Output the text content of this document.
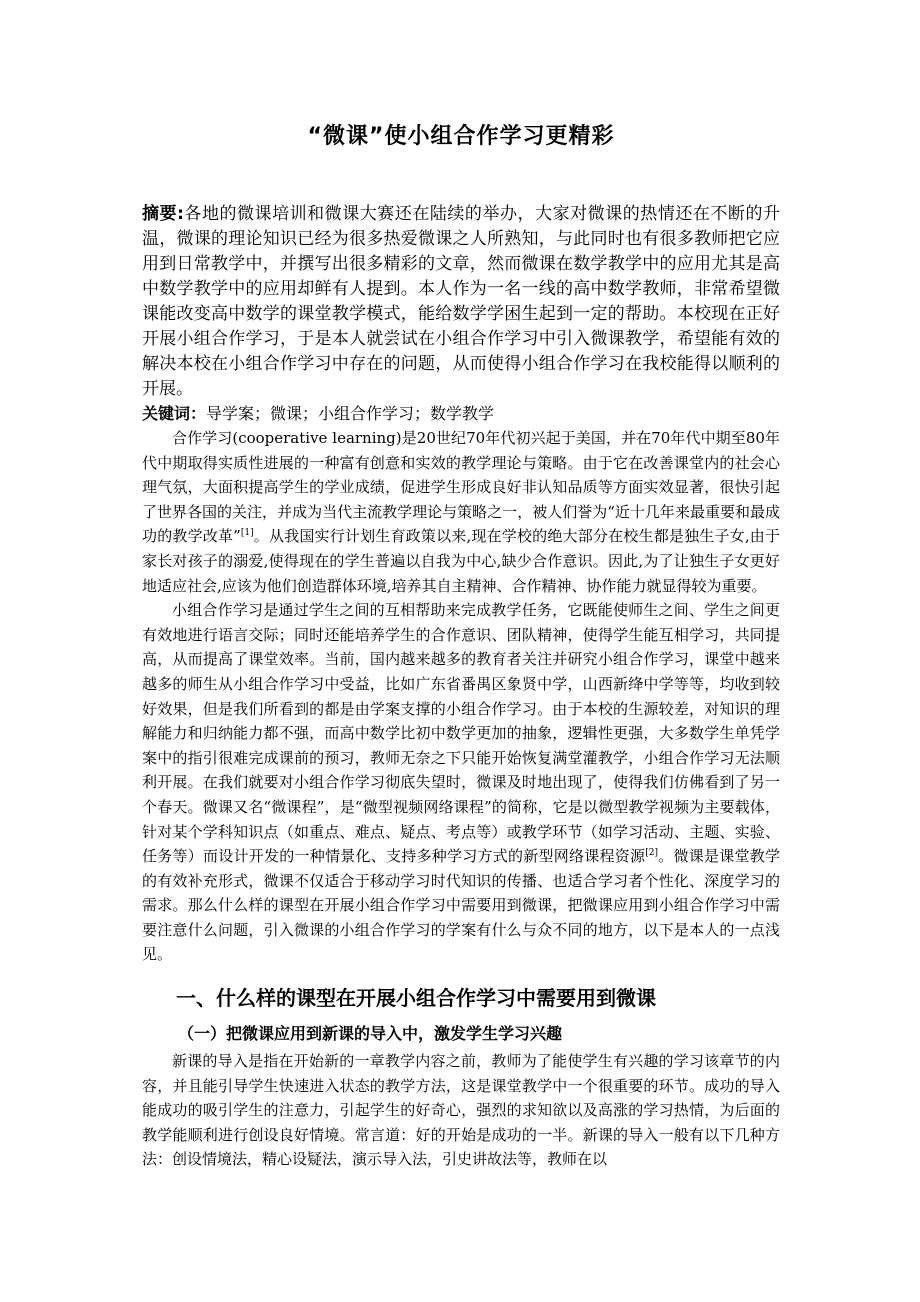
“微课”使小组合作学习更精彩

摘要:各地的微课培训和微课大赛还在陆续的举办，大家对微课的热情还在不断的升温，微课的理论知识已经为很多热爱微课之人所熟知，与此同时也有很多教师把它应用到日常教学中，并撰写出很多精彩的文章，然而微课在数学教学中的应用尤其是高中数学教学中的应用却鲜有人提到。本人作为一名一线的高中数学教师，非常希望微课能改变高中数学的课堂教学模式，能给数学学困生起到一定的帮助。本校现在正好开展小组合作学习，于是本人就尝试在小组合作学习中引入微课教学，希望能有效的解决本校在小组合作学习中存在的问题，从而使得小组合作学习在我校能得以顺利的开展。

关键词：导学案；微课；小组合作学习；数学教学

合作学习(cooperative learning)是20世纪70年代初兴起于美国，并在70年代中期至80年代中期取得实质性进展的一种富有创意和实效的教学理论与策略。由于它在改善课堂内的社会心理气氛，大面积提高学生的学业成绩，促进学生形成良好非认知品质等方面实效显著，很快引起了世界各国的关注，并成为当代主流教学理论与策略之一，被人们誉为“近十几年来最重要和最成功的教学改革”[1]。从我国实行计划生育政策以来,现在学校的绝大部分在校生都是独生子女,由于家长对孩子的溺爱,使得现在的学生普遍以自我为中心,缺少合作意识。因此,为了让独生子女更好地适应社会,应该为他们创造群体环境,培养其自主精神、合作精神、协作能力就显得较为重要。

小组合作学习是通过学生之间的互相帮助来完成教学任务，它既能使师生之间、学生之间更有效地进行语言交际；同时还能培养学生的合作意识、团队精神，使得学生能互相学习，共同提高，从而提高了课堂效率。当前，国内越来越多的教育者关注并研究小组合作学习，课堂中越来越多的师生从小组合作学习中受益，比如广东省番禺区象贤中学，山西新绛中学等等，均收到较好效果，但是我们所看到的都是由学案支撑的小组合作学习。由于本校的生源较差，对知识的理解能力和归纳能力都不强，而高中数学比初中数学更加的抽象，逻辑性更强，大多数学生单凭学案中的指引很难完成课前的预习，教师无奈之下只能开始恢复满堂灌教学，小组合作学习无法顺利开展。在我们就要对小组合作学习彻底失望时，微课及时地出现了，使得我们仿佛看到了另一个春天。微课又名“微课程”，是“微型视频网络课程”的简称，它是以微型教学视频为主要载体，针对某个学科知识点（如重点、难点、疑点、考点等）或教学环节（如学习活动、主题、实验、任务等）而设计开发的一种情景化、支持多种学习方式的新型网络课程资源[2]。微课是课堂教学的有效补充形式，微课不仅适合于移动学习时代知识的传播、也适合学习者个性化、深度学习的需求。那么什么样的课型在开展小组合作学习中需要用到微课，把微课应用到小组合作学习中需要注意什么问题，引入微课的小组合作学习的学案有什么与众不同的地方，以下是本人的一点浅见。

一、什么样的课型在开展小组合作学习中需要用到微课
（一）把微课应用到新课的导入中，激发学生学习兴趣

新课的导入是指在开始新的一章教学内容之前，教师为了能使学生有兴趣的学习该章节的内容，并且能引导学生快速进入状态的教学方法，这是课堂教学中一个很重要的环节。成功的导入能成功的吸引学生的注意力，引起学生的好奇心，强烈的求知欲以及高涨的学习热情，为后面的教学能顺利进行创设良好情境。常言道：好的开始是成功的一半。新课的导入一般有以下几种方法：创设情境法，精心设疑法，演示导入法，引史讲故法等，教师在以
